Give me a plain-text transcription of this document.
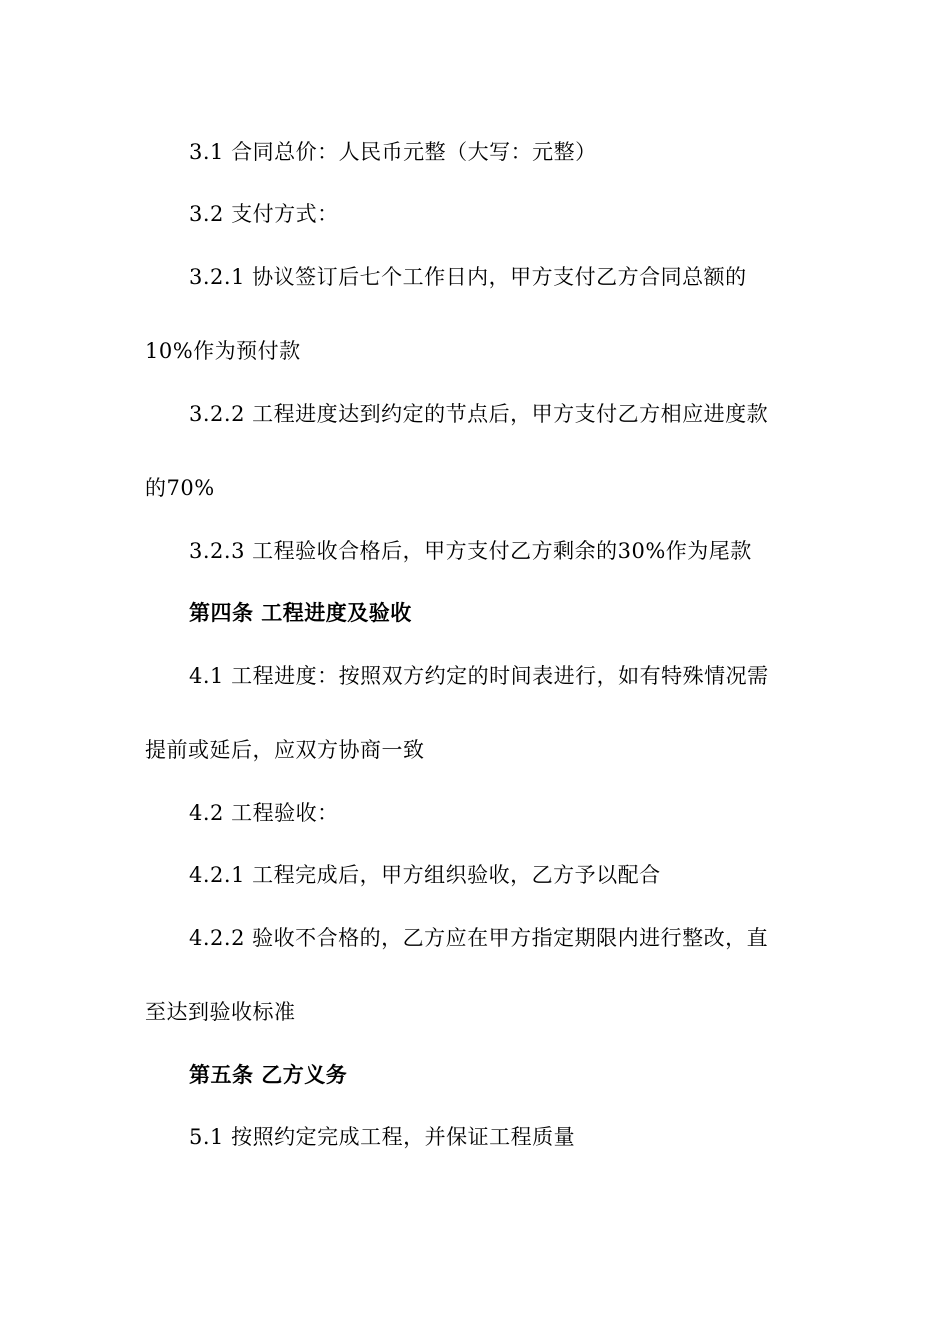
3.1 合同总价：人民币元整（大写：元整）
3.2 支付方式：
3.2.1 协议签订后七个工作日内，甲方支付乙方合同总额的
10%作为预付款
3.2.2 工程进度达到约定的节点后，甲方支付乙方相应进度款
的70%
3.2.3 工程验收合格后，甲方支付乙方剩余的30%作为尾款
第四条 工程进度及验收
4.1 工程进度：按照双方约定的时间表进行，如有特殊情况需
提前或延后，应双方协商一致
4.2 工程验收：
4.2.1 工程完成后，甲方组织验收，乙方予以配合
4.2.2 验收不合格的，乙方应在甲方指定期限内进行整改，直
至达到验收标准
第五条 乙方义务
5.1 按照约定完成工程，并保证工程质量
